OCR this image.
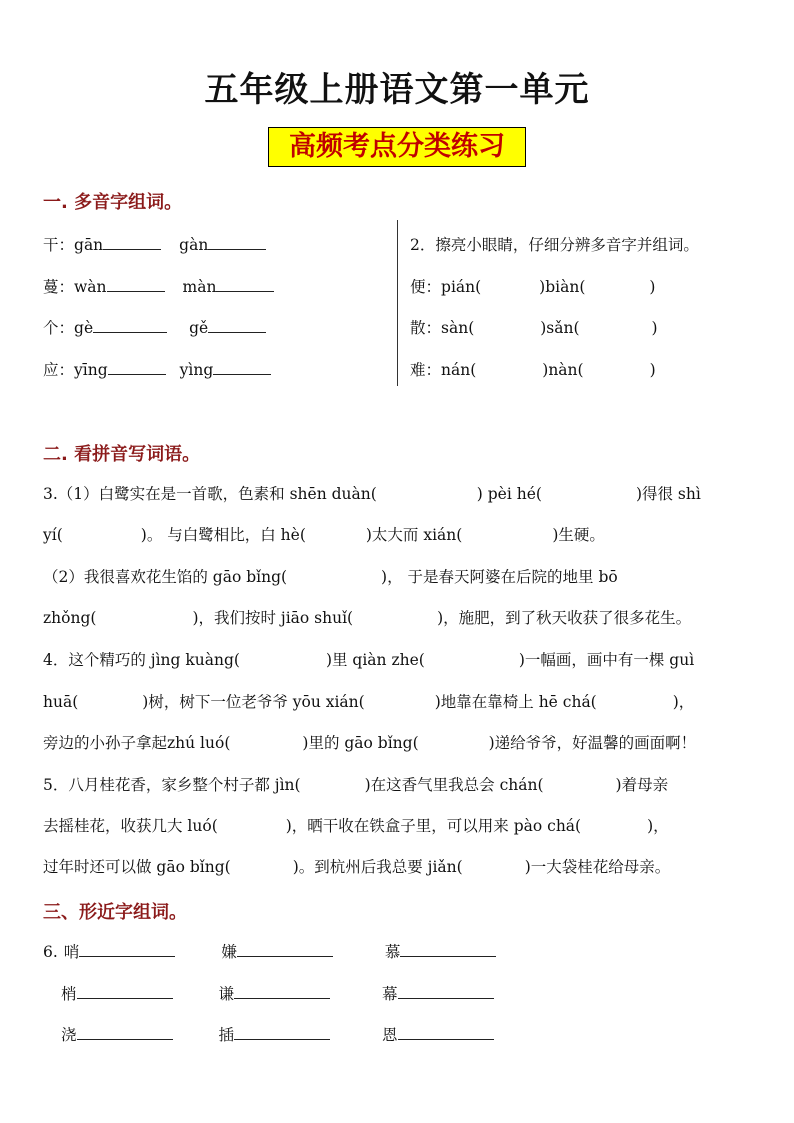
五年级上册语文第一单元
高频考点分类练习
一. 多音字组词。
干：gān	gàn
蔓：wàn	màn
个：gè	gě
应：yīng	yìng
2．擦亮小眼睛，仔细分辨多音字并组词。
便：pián(	)biàn(	)
散：sàn(	)sǎn(	)
难：nán(	)nàn(	)
二. 看拼音写词语。
3.（1）白鹭实在是一首歌，色素和 shēn duàn(	) pèi hé(	)得很 shì
yí(	)。 与白鹭相比，白 hè(	)太大而 xián(	)生硬。
（2）我很喜欢花生馅的 gāo bǐng(	)， 于是春天阿婆在后院的地里 bō
zhǒng(	)，我们按时 jiāo shuǐ(	)，施肥，到了秋天收获了很多花生。
4．这个精巧的 jìng kuàng(	)里 qiàn zhe(	)一幅画，画中有一棵 guì
huā(	)树，树下一位老爷爷 yōu xián(	)地靠在靠椅上 hē chá(	)，
旁边的小孙子拿起zhú luó(	)里的 gāo bǐng(	)递给爷爷，好温馨的画面啊！
5．八月桂花香，家乡整个村子都 jìn(	)在这香气里我总会 chán(	)着母亲
去摇桂花，收获几大 luó(	)，晒干收在铁盒子里，可以用来 pào chá(	)，
过年时还可以做 gāo bǐng(	)。到杭州后我总要 jiǎn(	)一大袋桂花给母亲。
三、形近字组词。
6. 哨	嫌	慕
梢	谦	幕
浇	插	恩
